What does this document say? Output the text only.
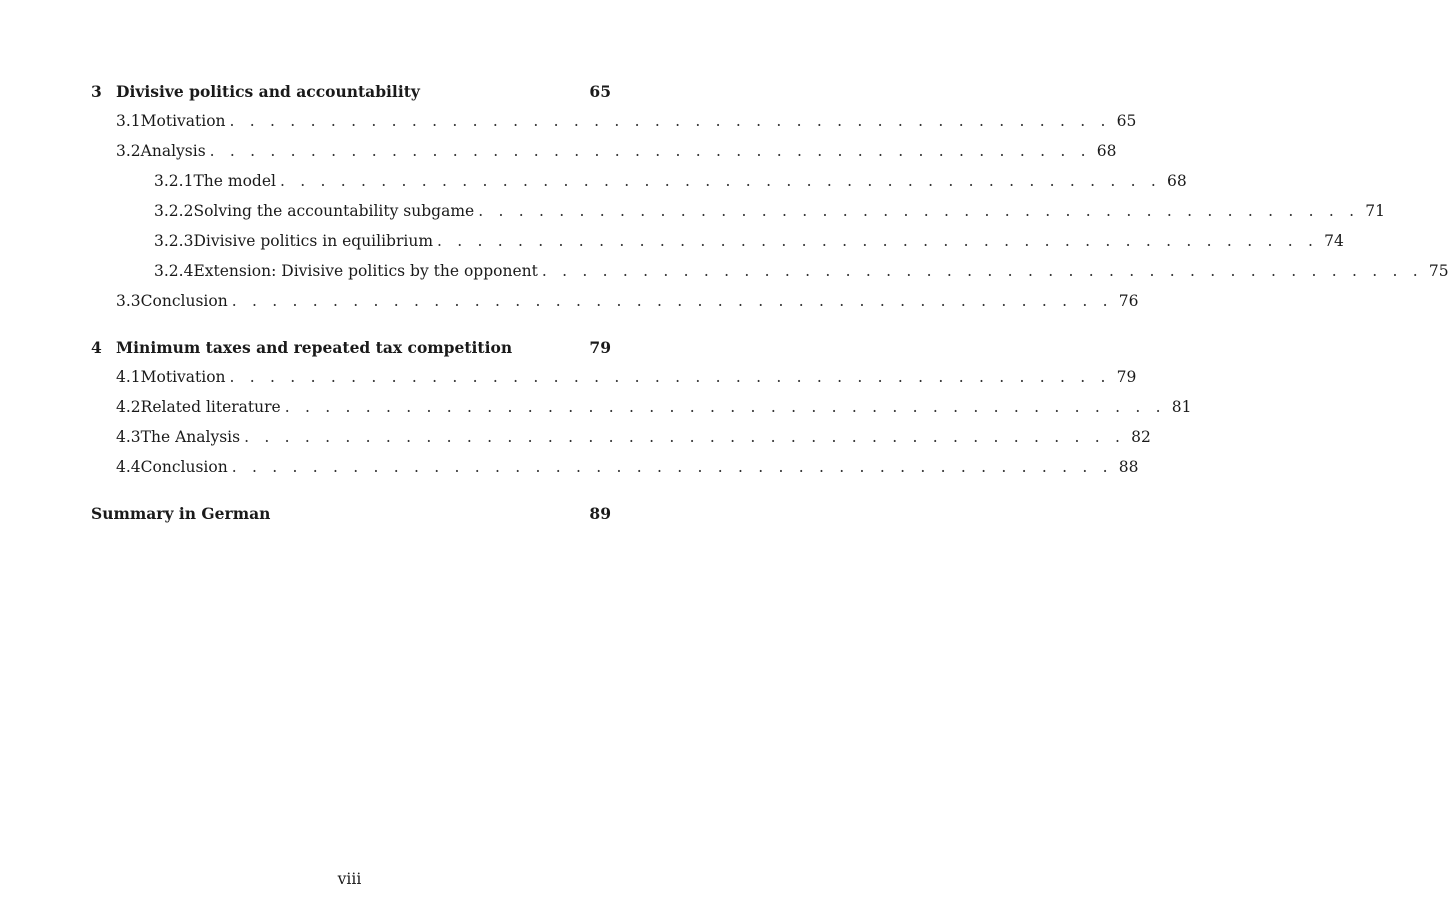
3 Divisive politics and accountability	65
3.1 Motivation . . . . . . . . . . . . . . . . . . . . . . . . . . . . . . . . . . . . . . . . . . . . 65
3.2 Analysis . . . . . . . . . . . . . . . . . . . . . . . . . . . . . . . . . . . . . . . . . . . . 68
3.2.1 The model . . . . . . . . . . . . . . . . . . . . . . . . . . . . . . . . . . . . . . . . . . . . 68
3.2.2 Solving the accountability subgame . . . . . . . . . . . . . . . . . . . . . . . . . . . . . . . . . . . . . . . . . . . . 71
3.2.3 Divisive politics in equilibrium . . . . . . . . . . . . . . . . . . . . . . . . . . . . . . . . . . . . . . . . . . . . 74
3.2.4 Extension: Divisive politics by the opponent . . . . . . . . . . . . . . . . . . . . . . . . . . . . . . . . . . . . . . . . . . . . 75
3.3 Conclusion . . . . . . . . . . . . . . . . . . . . . . . . . . . . . . . . . . . . . . . . . . . . 76
4 Minimum taxes and repeated tax competition	79
4.1 Motivation . . . . . . . . . . . . . . . . . . . . . . . . . . . . . . . . . . . . . . . . . . . . 79
4.2 Related literature . . . . . . . . . . . . . . . . . . . . . . . . . . . . . . . . . . . . . . . . . . . . 81
4.3 The Analysis . . . . . . . . . . . . . . . . . . . . . . . . . . . . . . . . . . . . . . . . . . . . 82
4.4 Conclusion . . . . . . . . . . . . . . . . . . . . . . . . . . . . . . . . . . . . . . . . . . . . 88
Summary in German	89
viii
